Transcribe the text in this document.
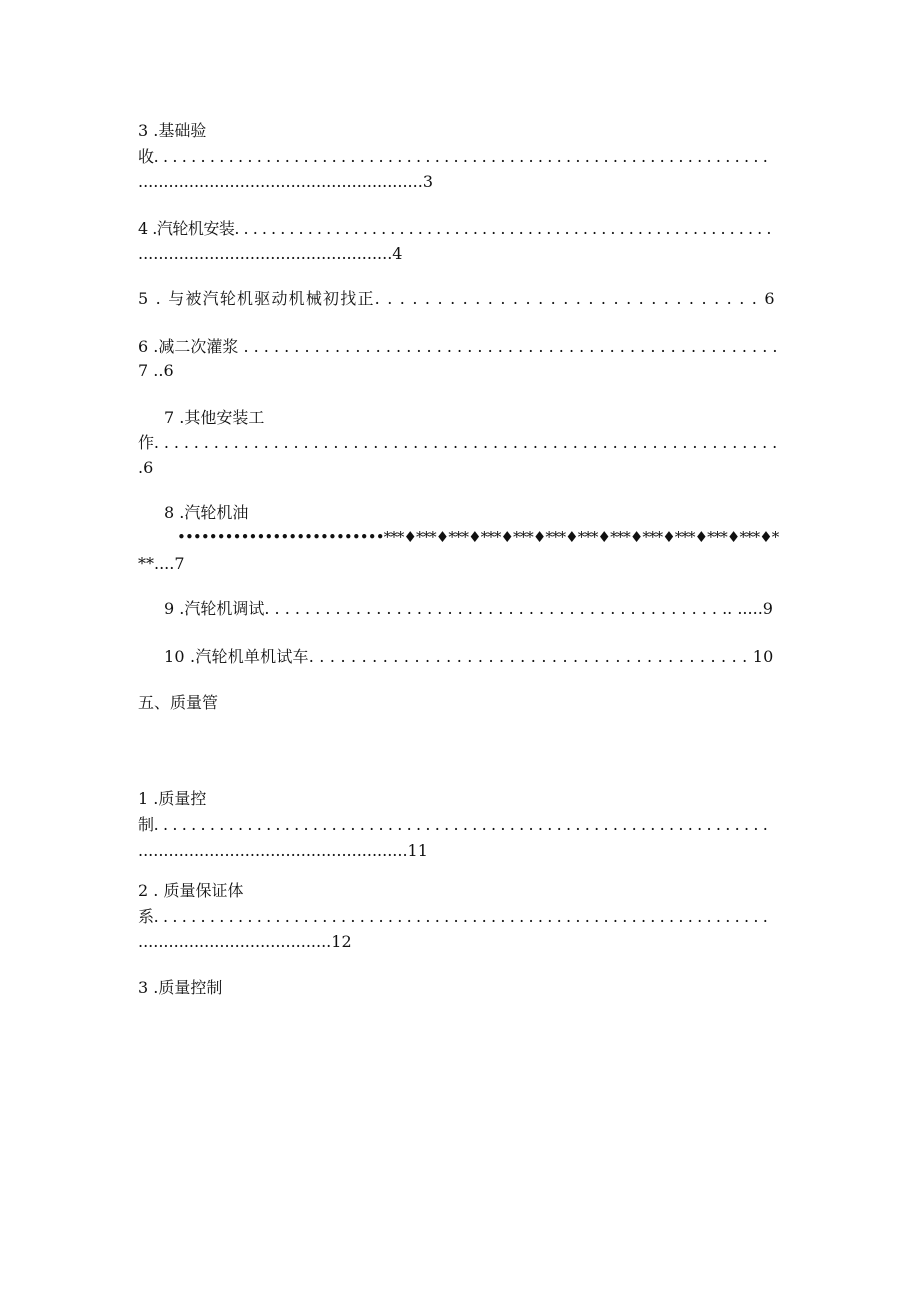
3 .基础验
收. . . . . . . . . . . . . . . . . . . . . . . . . . . . . . . . . . . . . . . . . . . . . . . . . . . . . . . . . . . . . . . . . .
........................................................3
4 .汽轮机安装. . . . . . . . . . . . . . . . . . . . . . . . . . . . . . . . . . . . . . . . . . . . . . . . . . . . . . . . . . .
..................................................4
5 . 与被汽轮机驱动机械初找正. . . . . . . . . . . . . . . . . . . . . . . . . . . . . . . 6
6 .减二次灌浆 . . . . . . . . . . . . . . . . . . . . . . . . . . . . . . . . . . . . . . . . . . . . . . . . . . . . .
7 ..6
7 .其他安装工
作. . . . . . . . . . . . . . . . . . . . . . . . . . . . . . . . . . . . . . . . . . . . . . . . . . . . . . . . . . . . . . .
.6
8 .汽轮机油
••••••••••••••••••••••••••***♦***♦***♦***♦***♦***♦***♦***♦***♦***♦***♦***♦*
**....7
9 .汽轮机调试. . . . . . . . . . . . . . . . . . . . . . . . . . . . . . . . . . . . . . . . . . . . . .. .....9
10 .汽轮机单机试车. . . . . . . . . . . . . . . . . . . . . . . . . . . . . . . . . . . . . . . . . . 10
五、质量管
1 .质量控
制. . . . . . . . . . . . . . . . . . . . . . . . . . . . . . . . . . . . . . . . . . . . . . . . . . . . . . . . . . . . . . . . . .
.....................................................11
2 . 质量保证体
系. . . . . . . . . . . . . . . . . . . . . . . . . . . . . . . . . . . . . . . . . . . . . . . . . . . . . . . . . . . . . . . . . .
......................................12
3 .质量控制
